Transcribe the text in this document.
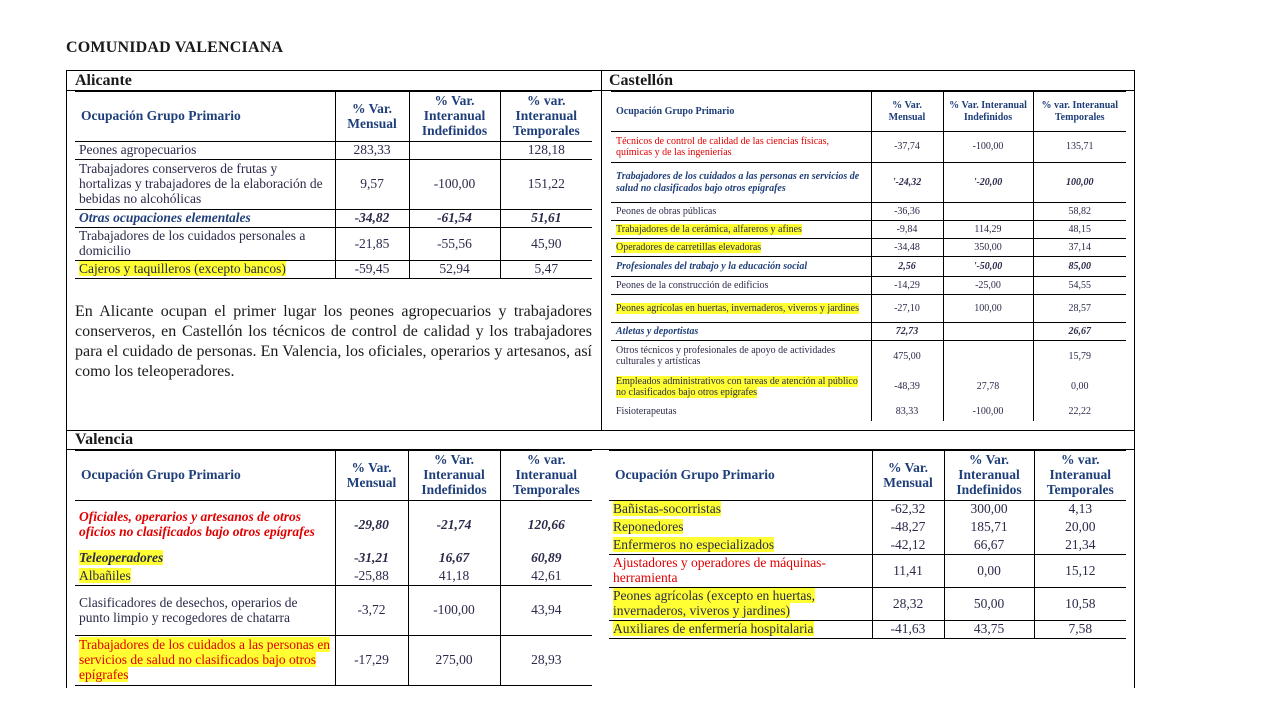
COMUNIDAD VALENCIANA
Alicante	Castellón
Valencia
Ocupación Grupo Primario	% Var. Mensual	% Var. Interanual Indefinidos	% var. Interanual Temporales
Peones agropecuarios	283,33		128,18
Trabajadores conserveros de frutas y hortalizas y trabajadores de la elaboración de bebidas no alcohólicas	9,57	-100,00	151,22
Otras ocupaciones elementales	-34,82	-61,54	51,61
Trabajadores de los cuidados personales a domicilio	-21,85	-55,56	45,90
Cajeros y taquilleros (excepto bancos)	-59,45	52,94	5,47
En Alicante ocupan el primer lugar los peones agropecuarios y trabajadores conserveros, en Castellón los técnicos de control de calidad y los trabajadores para el cuidado de personas. En Valencia, los oficiales, operarios y artesanos, así como los teleoperadores.
Ocupación Grupo Primario	% Var. Mensual	% Var. Interanual Indefinidos	% var. Interanual Temporales
Técnicos de control de calidad de las ciencias físicas, químicas y de las ingenierías	-37,74	-100,00	135,71
Trabajadores de los cuidados a las personas en servicios de salud no clasificados bajo otros epígrafes	'-24,32	'-20,00	100,00
Peones de obras públicas	-36,36		58,82
Trabajadores de la cerámica, alfareros y afines	-9,84	114,29	48,15
Operadores de carretillas elevadoras	-34,48	350,00	37,14
Profesionales del trabajo y la educación social	2,56	'-50,00	85,00
Peones de la construcción de edificios	-14,29	-25,00	54,55
Peones agrícolas en huertas, invernaderos, viveros y jardines	-27,10	100,00	28,57
Atletas y deportistas	72,73		26,67
Otros técnicos y profesionales de apoyo de actividades culturales y artísticas	475,00		15,79
Empleados administrativos con tareas de atención al público no clasificados bajo otros epígrafes	-48,39	27,78	0,00
Fisioterapeutas	83,33	-100,00	22,22
Ocupación Grupo Primario	% Var. Mensual	% Var. Interanual Indefinidos	% var. Interanual Temporales
Oficiales, operarios y artesanos de otros oficios no clasificados bajo otros epígrafes	-29,80	-21,74	120,66
Teleoperadores	-31,21	16,67	60,89
Albañiles	-25,88	41,18	42,61
Clasificadores de desechos, operarios de punto limpio y recogedores de chatarra	-3,72	-100,00	43,94
Trabajadores de los cuidados a las personas en servicios de salud no clasificados bajo otros epígrafes	-17,29	275,00	28,93
Ocupación Grupo Primario	% Var. Mensual	% Var. Interanual Indefinidos	% var. Interanual Temporales
Bañistas-socorristas	-62,32	300,00	4,13
Reponedores	-48,27	185,71	20,00
Enfermeros no especializados	-42,12	66,67	21,34
Ajustadores y operadores de máquinas-herramienta	11,41	0,00	15,12
Peones agrícolas (excepto en huertas, invernaderos, viveros y jardines)	28,32	50,00	10,58
Auxiliares de enfermería hospitalaria	-41,63	43,75	7,58
